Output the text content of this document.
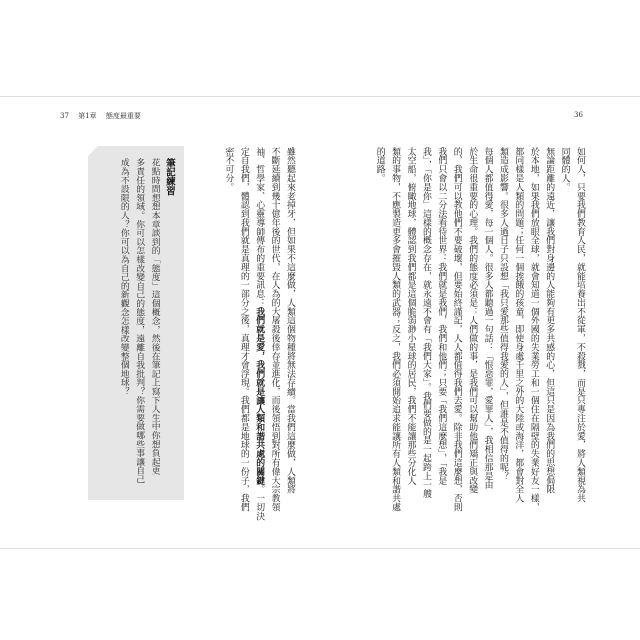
37 第1章 態度最重要	36
如何人，只要我們教育人民，就能培養出不從軍，不殺戮，而是只專注於愛，將人類視為共
同體的人。
無論距離的遠近，讓我們對身邊的人能夠有更多共感的心，但這只是因為我們的思想侷限
於本地，如果我們放眼全球，就會知道一個外國的失業勞工和一個住在隔壁的失業好友一樣，
都同樣是人類的問題；任何一個挨餓的孩童，即使身處千里之外的大陸或海洋，都會對全人
類造成影響。很多人過日子只設想「我只愛那些值得我愛的人」，但誰是不值得的呢？
每個人都值得愛，每一個人。很多人都聽過一句話：「恨惡罪，愛罪人」，我相信那是由
於生命很重要的心理。我們的態度必須是：人們做的事，是我們可以幫助他們矯正與改變
的，我們可以教他們不要破壞，但要始終謹記，人人都值得我們去愛。除非我們這麼想，否則
我們只會以二分法看待世界：我們就是我們，我們和他們；只要「我們這麼想」，「我是
我」，「你是你」這樣的概念存在，就永遠不會有「我們大家」。我們要做的是一起跨上一艘
太空船，俯瞰地球，體認到我們都是這個脆弱渺小星球的居民，我們不能讓那些分化人
類的事物，不應製造更多會摧毀人類的武器；反之，我們必須開始追求能讓所有人類和諧共處
的道路。
雖然聽起來老掉牙，但如果不這麼做，人類這個物種將無法存續。當我們這麼做，人類將
不斷延續到幾十億年後的世代，在人為的大屠殺後倖存並進化，而後領悟到對所有偉大宗教領
袖、哲學家、心靈導師傳布的重要訊息：我們就是愛，我們就是讓人類和諧共處的關鍵。一切決
定自我們，體認到我們就是真理的一部分之後，真理才會浮現。我們都是地球的一份子，我們
密不可分。
筆記練習
花點時間想想本章談到的「態度」這個概念，然後在筆記上寫下人生中你想負起更
多責任的領域。你可以怎樣改變自己的態度，遠離自我批判？你需要做哪些事讓自己
成為不設限的人？你可以為自己的新觀念怎樣改變整個地球？
